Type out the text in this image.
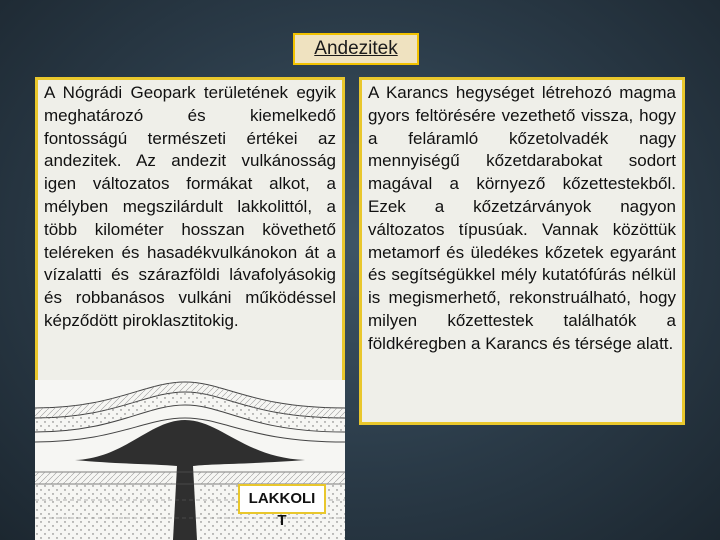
Andezitek

A Nógrádi Geopark területének egyik meghatározó és kiemelkedő fontosságú természeti értékei az andezitek. Az andezit vulkánosság igen változatos formákat alkot, a mélyben megszilárdult lakkolittól, a több kilométer hosszan követhető teléreken és hasadékvulkánokon át a vízalatti és szárazföldi lávafolyásokig és robbanásos vulkáni működéssel képződött piroklasztitokig.

LAKKOLI
T

A Karancs hegységet létrehozó magma gyors feltörésére vezethető vissza, hogy a feláramló kőzetolvadék nagy mennyiségű kőzetdarabokat sodort magával a környező kőzettestekből. Ezek a kőzetzárványok nagyon változatos típusúak. Vannak közöttük metamorf és üledékes kőzetek egyaránt és segítségükkel mély kutatófúrás nélkül is megismerhető, rekonstruálható, hogy milyen kőzettestek találhatók a földkéregben a Karancs és térsége alatt.
